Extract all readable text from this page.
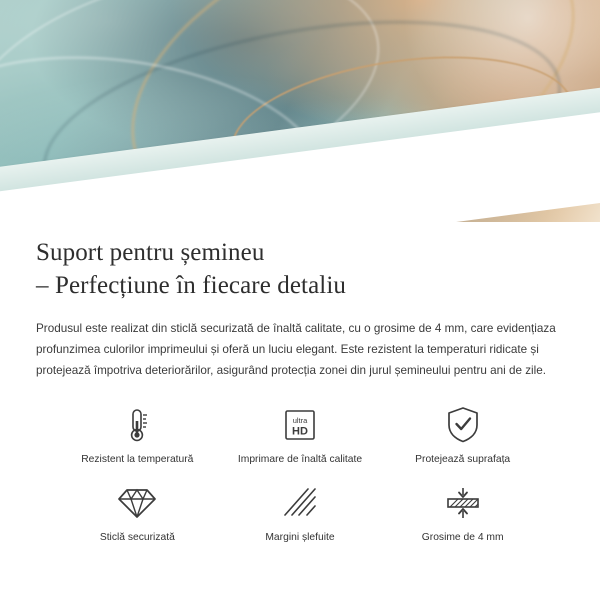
Suport pentru șemineu
– Perfecțiune în fiecare detaliu

Produsul este realizat din sticlă securizată de înaltă calitate, cu o grosime de 4 mm, care evidențiaza profunzimea culorilor imprimeului și oferă un luciu elegant. Este rezistent la temperaturi ridicate și protejează împotriva deteriorărilor, asigurând protecția zonei din jurul șemineului pentru ani de zile.

Rezistent la temperatură
ultra
HD
Imprimare de înaltă calitate	Protejează suprafața
Sticlă securizată	Margini șlefuite	Grosime de 4 mm
